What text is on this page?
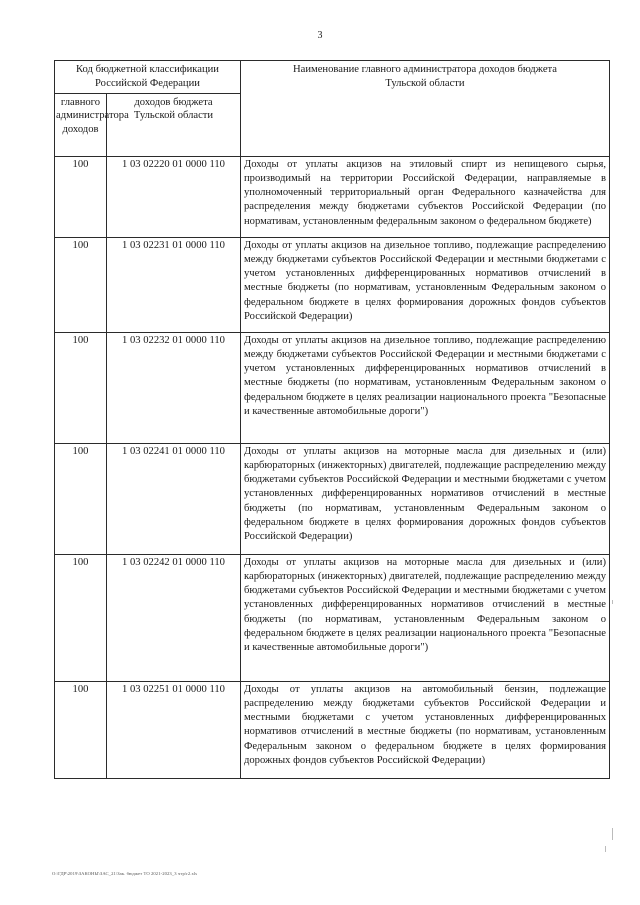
3
Код бюджетной классификации Российской Федерации		Наименование главного администратора доходов бюджета Тульской области
главного администратора доходов	доходов бюджета Тульской области	
100	1 03 02220 01 0000 110	Доходы от уплаты акцизов на этиловый спирт из непищевого сырья, производимый на территории Российской Федерации, направляемые в уполномоченный территориальный орган Федерального казначейства для распределения между бюджетами субъектов Российской Федерации (по нормативам, установленным федеральным законом о федеральном бюджете)
100	1 03 02231 01 0000 110	Доходы от уплаты акцизов на дизельное топливо, подлежащие распределению между бюджетами субъектов Российской Федерации и местными бюджетами с учетом установленных дифференцированных нормативов отчислений в местные бюджеты (по нормативам, установленным Федеральным законом о федеральном бюджете в целях формирования дорожных фондов субъектов Российской Федерации)
100	1 03 02232 01 0000 110	Доходы от уплаты акцизов на дизельное топливо, подлежащие распределению между бюджетами субъектов Российской Федерации и местными бюджетами с учетом установленных дифференцированных нормативов отчислений в местные бюджеты (по нормативам, установленным Федеральным законом о федеральном бюджете в целях реализации национального проекта "Безопасные и качественные автомобильные дороги")
100	1 03 02241 01 0000 110	Доходы от уплаты акцизов на моторные масла для дизельных и (или) карбюраторных (инжекторных) двигателей, подлежащие распределению между бюджетами субъектов Российской Федерации и местными бюджетами с учетом установленных дифференцированных нормативов отчислений в местные бюджеты (по нормативам, установленным Федеральным законом о федеральном бюджете в целях формирования дорожных фондов субъектов Российской Федерации)
100	1 03 02242 01 0000 110	Доходы от уплаты акцизов на моторные масла для дизельных и (или) карбюраторных (инжекторных) двигателей, подлежащие распределению между бюджетами субъектов Российской Федерации и местными бюджетами с учетом установленных дифференцированных нормативов отчислений в местные бюджеты (по нормативам, установленным Федеральным законом о федеральном бюджете в целях реализации национального проекта "Безопасные и качественные автомобильные дороги")
100	1 03 02251 01 0000 110	Доходы от уплаты акцизов на автомобильный бензин, подлежащие распределению между бюджетами субъектов Российской Федерации и местными бюджетами с учетом установленных дифференцированных нормативов отчислений в местные бюджеты (по нормативам, установленным Федеральным законом о федеральном бюджете в целях формирования дорожных фондов субъектов Российской Федерации)
O:\ГДР\2019\ЗАКОНЫ\ЗАС_21\Зак. бюджет ТО 2021-2023_3 чтр\r2.xls
